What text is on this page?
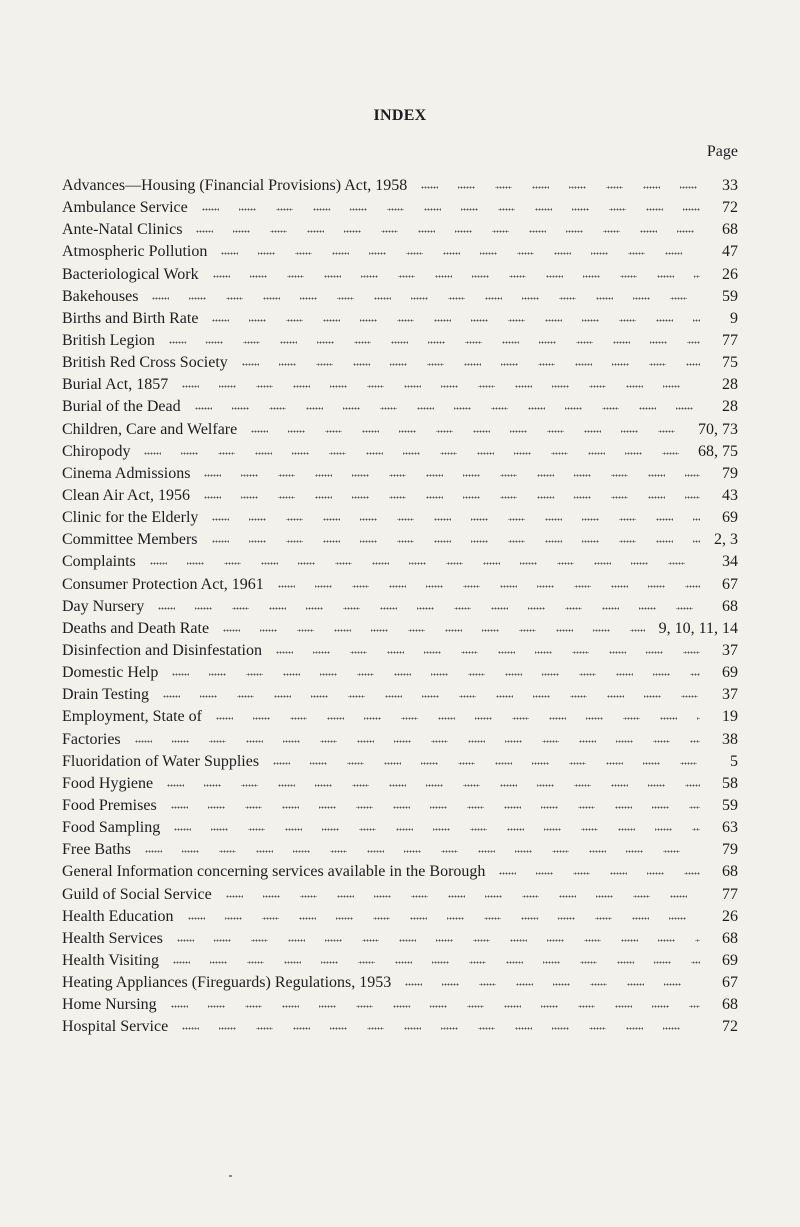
INDEX
Page
Advances—Housing (Financial Provisions) Act, 1958	33
Ambulance Service	72
Ante-Natal Clinics	68
Atmospheric Pollution	47
Bacteriological Work	26
Bakehouses	59
Births and Birth Rate	9
British Legion	77
British Red Cross Society	75
Burial Act, 1857	28
Burial of the Dead	28
Children, Care and Welfare	70, 73
Chiropody	68, 75
Cinema Admissions	79
Clean Air Act, 1956	43
Clinic for the Elderly	69
Committee Members	2, 3
Complaints	34
Consumer Protection Act, 1961	67
Day Nursery	68
Deaths and Death Rate	9, 10, 11, 14
Disinfection and Disinfestation	37
Domestic Help	69
Drain Testing	37
Employment, State of	19
Factories	38
Fluoridation of Water Supplies	5
Food Hygiene	58
Food Premises	59
Food Sampling	63
Free Baths	79
General Information concerning services available in the Borough	68
Guild of Social Service	77
Health Education	26
Health Services	68
Health Visiting	69
Heating Appliances (Fireguards) Regulations, 1953	67
Home Nursing	68
Hospital Service	72
